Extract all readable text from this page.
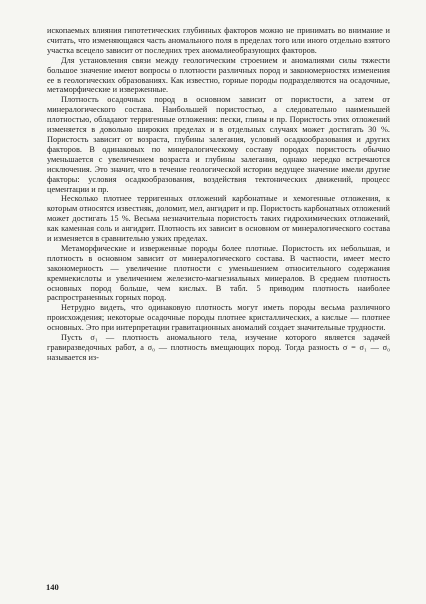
ископаемых влияния гипотетических глубинных факторов можно не принимать во внимание и считать, что изменяющаяся часть аномального поля в пределах того или иного отдельно взятого участка всецело зависит от последних трех аномалиеобразующих факторов.

Для установления связи между геологическим строением и аномалиями силы тяжести большое значение имеют вопросы о плотности различных пород и закономерностях изменения ее в геологических образованиях. Как известно, горные породы подразделяются на осадочные, метаморфические и изверженные.

Плотность осадочных пород в основном зависит от пористости, а затем от минералогического состава. Наибольшей пористостью, а следовательно наименьшей плотностью, обладают терригенные отложения: пески, глины и пр. Пористость этих отложений изменяется в довольно широких пределах и в отдельных случаях может достигать 30 %. Пористость зависит от возраста, глубины залегания, условий осадкообразования и других факторов. В одинаковых по минералогическому составу породах пористость обычно уменьшается с увеличением возраста и глубины залегания, однако нередко встречаются исключения. Это значит, что в течение геологической истории ведущее значение имели другие факторы: условия осадкообразования, воздействия тектонических движений, процесс цементации и пр.

Несколько плотнее терригенных отложений карбонатные и хемогенные отложения, к которым относятся известняк, доломит, мел, ангидрит и пр. Пористость карбонатных отложений может достигать 15 %. Весьма незначительна пористость таких гидрохимических отложений, как каменная соль и ангидрит. Плотность их зависит в основном от минералогического состава и изменяется в сравнительно узких пределах.

Метаморфические и изверженные породы более плотные. Пористость их небольшая, и плотность в основном зависит от минералогического состава. В частности, имеет место закономерность — увеличение плотности с уменьшением относительного содержания кремнекислоты и увеличением железисто-магнезиальных минералов. В среднем плотность основных пород больше, чем кислых. В табл. 5 приводим плотность наиболее распространенных горных пород.

Нетрудно видеть, что одинаковую плотность могут иметь породы весьма различного происхождения; некоторые осадочные породы плотнее кристаллических, а кислые — плотнее основных. Это при интерпретации гравитационных аномалий создает значительные трудности.

Пусть σ₁ — плотность аномального тела, изучение которого является задачей гравиразведочных работ, а σ₀ — плотность вмещающих пород. Тогда разность σ = σ₁ — σ₀ называется из-

140
